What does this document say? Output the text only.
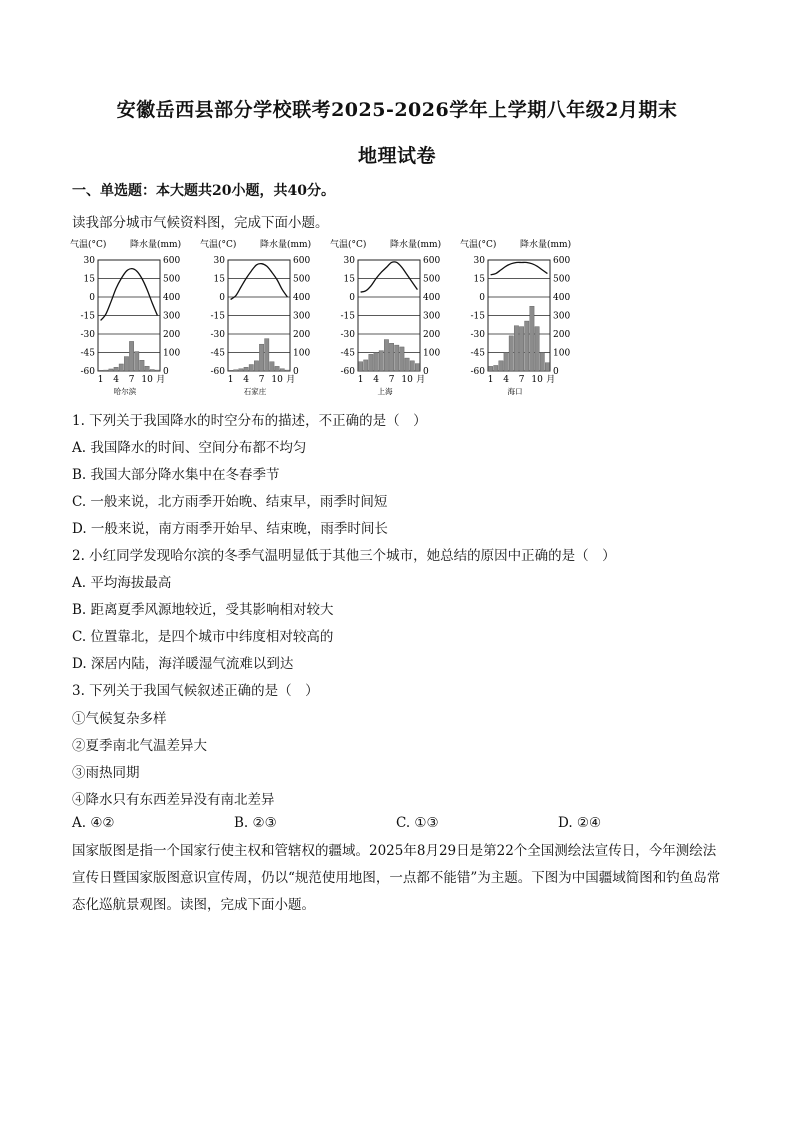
安徽岳西县部分学校联考2025-2026学年上学期八年级2月期末
地理试卷
一、单选题：本大题共20小题，共40分。
读我部分城市气候资料图，完成下面小题。
气温(°C)	降水量(mm)
30	600
15	500
0	400
-15	300
-30	200
-45	100
-60	0
1 4 7 10 月
哈尔滨
气温(°C)	降水量(mm)
30	600
15	500
0	400
-15	300
-30	200
-45	100
-60	0
1 4 7 10 月
石家庄
气温(°C)	降水量(mm)
30	600
15	500
0	400
-15	300
-30	200
-45	100
-60	0
1 4 7 10 月
上海
气温(°C)	降水量(mm)
30	600
15	500
0	400
-15	300
-30	200
-45	100
-60	0
1 4 7 10 月
海口
1. 下列关于我国降水的时空分布的描述，不正确的是（　）
A. 我国降水的时间、空间分布都不均匀
B. 我国大部分降水集中在冬春季节
C. 一般来说，北方雨季开始晚、结束早，雨季时间短
D. 一般来说，南方雨季开始早、结束晚，雨季时间长
2. 小红同学发现哈尔滨的冬季气温明显低于其他三个城市，她总结的原因中正确的是（　）
A. 平均海拔最高
B. 距离夏季风源地较近，受其影响相对较大
C. 位置靠北，是四个城市中纬度相对较高的
D. 深居内陆，海洋暖湿气流难以到达
3. 下列关于我国气候叙述正确的是（　）
①气候复杂多样
②夏季南北气温差异大
③雨热同期
④降水只有东西差异没有南北差异
A. ④②	B. ②③	C. ①③	D. ②④
国家版图是指一个国家行使主权和管辖权的疆域。2025年8月29日是第22个全国测绘法宣传日，今年测绘法宣传日暨国家版图意识宣传周，仍以“规范使用地图，一点都不能错”为主题。下图为中国疆域简图和钓鱼岛常态化巡航景观图。读图，完成下面小题。
